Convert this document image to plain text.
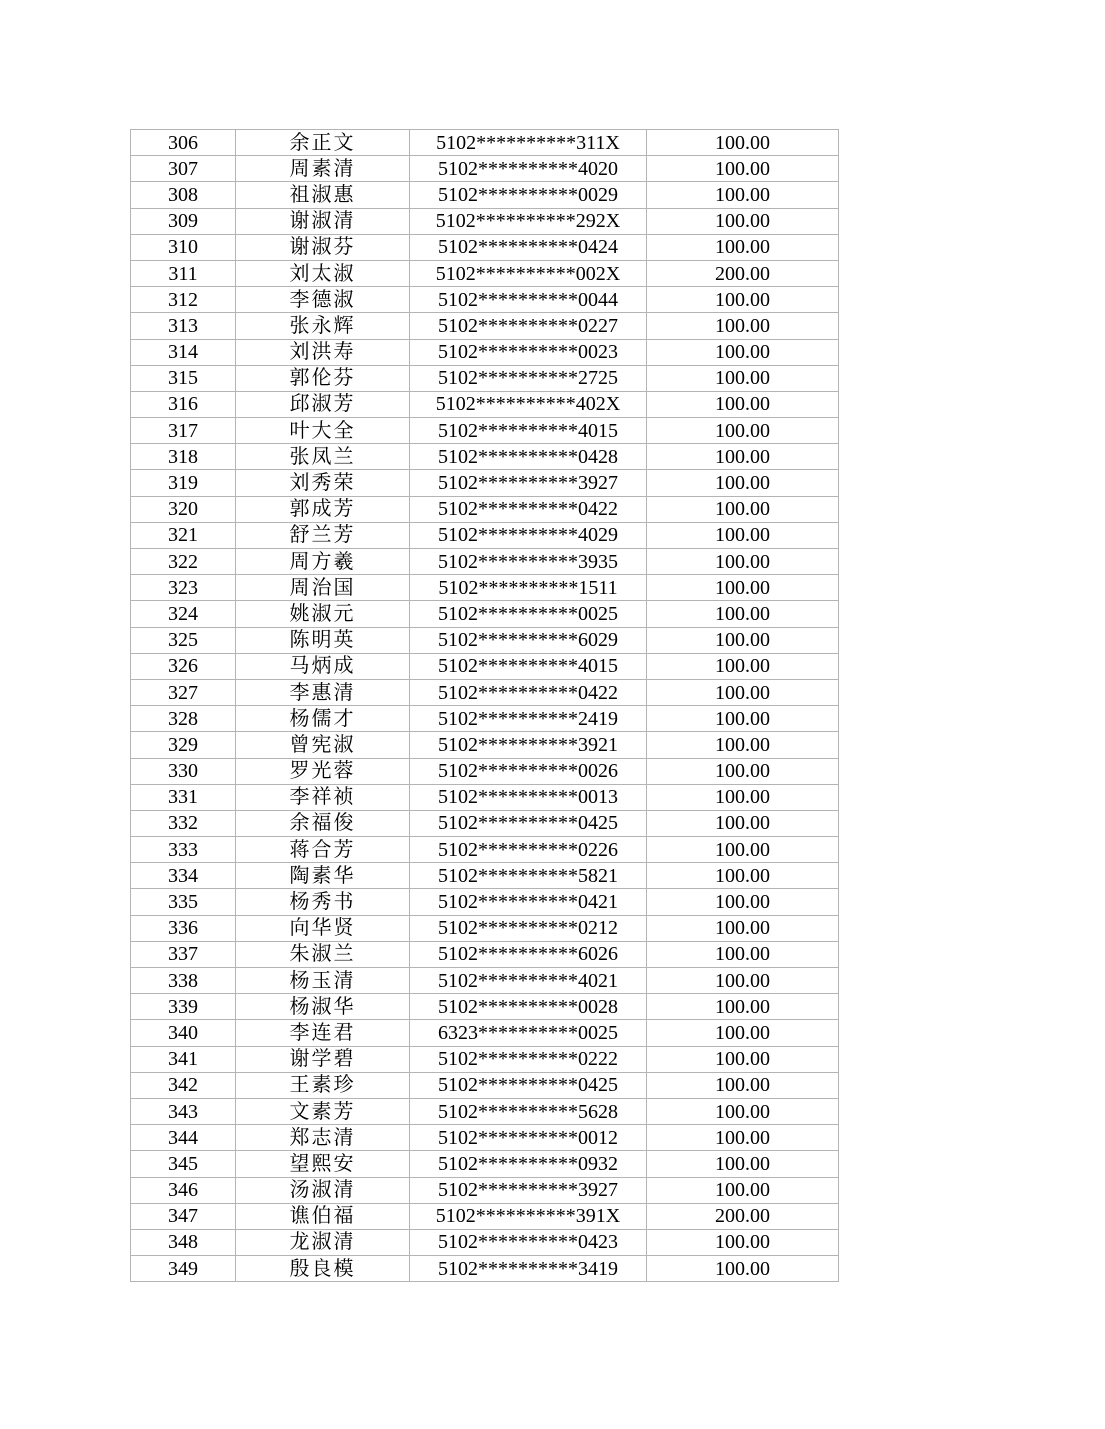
306	余正文	5102**********311X	100.00
307	周素清	5102**********4020	100.00
308	祖淑惠	5102**********0029	100.00
309	谢淑清	5102**********292X	100.00
310	谢淑芬	5102**********0424	100.00
311	刘太淑	5102**********002X	200.00
312	李德淑	5102**********0044	100.00
313	张永辉	5102**********0227	100.00
314	刘洪寿	5102**********0023	100.00
315	郭伦芬	5102**********2725	100.00
316	邱淑芳	5102**********402X	100.00
317	叶大全	5102**********4015	100.00
318	张凤兰	5102**********0428	100.00
319	刘秀荣	5102**********3927	100.00
320	郭成芳	5102**********0422	100.00
321	舒兰芳	5102**********4029	100.00
322	周方羲	5102**********3935	100.00
323	周治国	5102**********1511	100.00
324	姚淑元	5102**********0025	100.00
325	陈明英	5102**********6029	100.00
326	马炳成	5102**********4015	100.00
327	李惠清	5102**********0422	100.00
328	杨儒才	5102**********2419	100.00
329	曾宪淑	5102**********3921	100.00
330	罗光蓉	5102**********0026	100.00
331	李祥祯	5102**********0013	100.00
332	余福俊	5102**********0425	100.00
333	蒋合芳	5102**********0226	100.00
334	陶素华	5102**********5821	100.00
335	杨秀书	5102**********0421	100.00
336	向华贤	5102**********0212	100.00
337	朱淑兰	5102**********6026	100.00
338	杨玉清	5102**********4021	100.00
339	杨淑华	5102**********0028	100.00
340	李连君	6323**********0025	100.00
341	谢学碧	5102**********0222	100.00
342	王素珍	5102**********0425	100.00
343	文素芳	5102**********5628	100.00
344	郑志清	5102**********0012	100.00
345	望熙安	5102**********0932	100.00
346	汤淑清	5102**********3927	100.00
347	谯伯福	5102**********391X	200.00
348	龙淑清	5102**********0423	100.00
349	殷良模	5102**********3419	100.00
